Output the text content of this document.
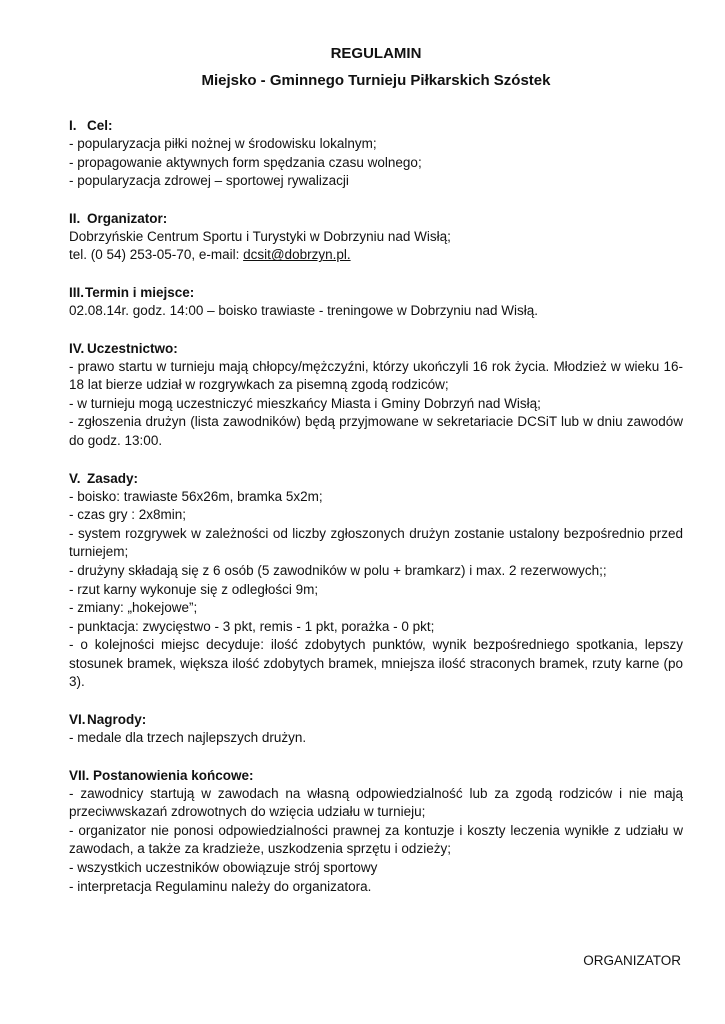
REGULAMIN
Miejsko - Gminnego Turnieju Piłkarskich Szóstek
I. Cel:
- popularyzacja piłki nożnej w środowisku lokalnym;
- propagowanie aktywnych form spędzania czasu wolnego;
- popularyzacja zdrowej – sportowej rywalizacji
II. Organizator:
Dobrzyńskie Centrum Sportu i Turystyki w Dobrzyniu nad Wisłą;
tel. (0 54) 253-05-70, e-mail: dcsit@dobrzyn.pl.
III.Termin i miejsce:
02.08.14r. godz. 14:00 – boisko trawiaste - treningowe w Dobrzyniu nad Wisłą.
IV. Uczestnictwo:
- prawo startu w turnieju mają chłopcy/mężczyźni, którzy ukończyli 16 rok życia. Młodzież w wieku 16-18 lat bierze udział w rozgrywkach za pisemną zgodą rodziców;
- w turnieju mogą uczestniczyć mieszkańcy Miasta i Gminy Dobrzyń nad Wisłą;
- zgłoszenia drużyn (lista zawodników) będą przyjmowane w sekretariacie DCSiT lub w dniu zawodów do godz. 13:00.
V. Zasady:
- boisko: trawiaste 56x26m, bramka 5x2m;
- czas gry : 2x8min;
- system rozgrywek w zależności od liczby zgłoszonych drużyn zostanie ustalony bezpośrednio przed turniejem;
- drużyny składają się z 6 osób (5 zawodników w polu + bramkarz) i max. 2 rezerwowych;;
- rzut karny wykonuje się z odległości 9m;
- zmiany: „hokejowe”;
- punktacja: zwycięstwo - 3 pkt, remis - 1 pkt, porażka - 0 pkt;
- o kolejności miejsc decyduje: ilość zdobytych punktów, wynik bezpośredniego spotkania, lepszy stosunek bramek, większa ilość zdobytych bramek, mniejsza ilość straconych bramek, rzuty karne (po 3).
VI.Nagrody:
- medale dla trzech najlepszych drużyn.
VII. Postanowienia końcowe:
- zawodnicy startują w zawodach na własną odpowiedzialność lub za zgodą rodziców i nie mają przeciwwskazań zdrowotnych do wzięcia udziału w turnieju;
- organizator nie ponosi odpowiedzialności prawnej za kontuzje i koszty leczenia wynikłe z udziału w zawodach, a także za kradzieże, uszkodzenia sprzętu i odzieży;
- wszystkich uczestników obowiązuje strój sportowy
- interpretacja Regulaminu należy do organizatora.
ORGANIZATOR
